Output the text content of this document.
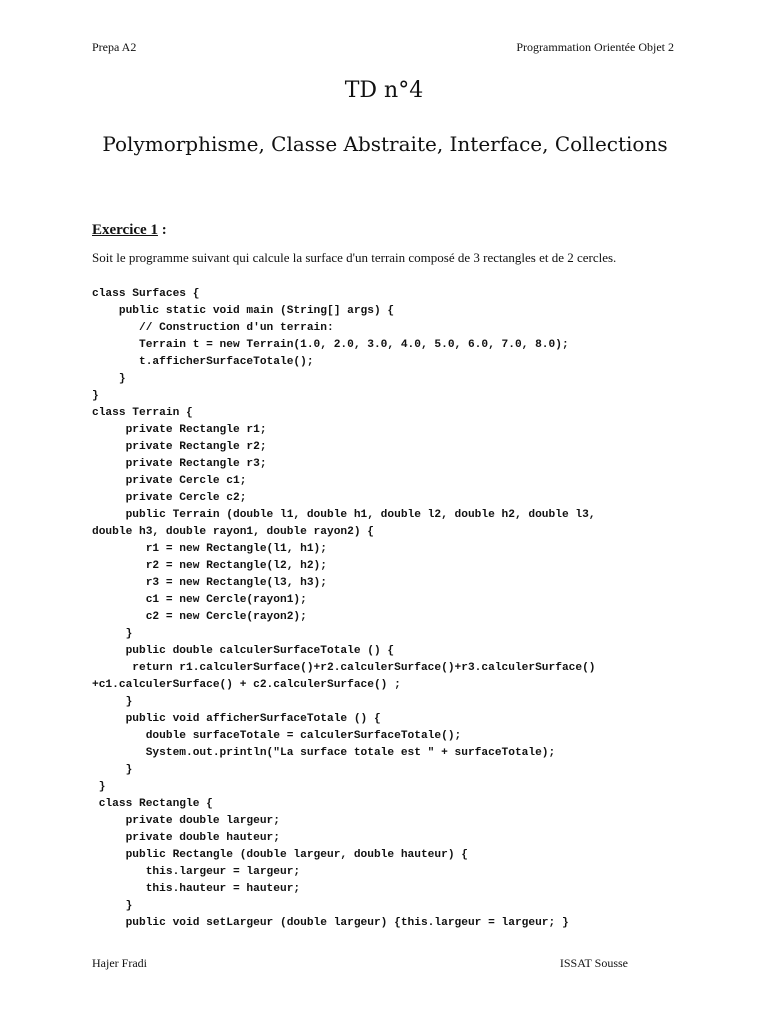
Prepa A2	Programmation Orientée Objet 2
TD n°4
Polymorphisme, Classe Abstraite, Interface, Collections
Exercice 1 :
Soit le programme suivant qui calcule la surface d'un terrain composé de 3 rectangles et de 2 cercles.
class Surfaces {
public static void main (String[] args) {
// Construction d'un terrain:
Terrain t = new Terrain(1.0, 2.0, 3.0, 4.0, 5.0, 6.0, 7.0, 8.0);
t.afficherSurfaceTotale();
}
}
class Terrain {
private Rectangle r1;
private Rectangle r2;
private Rectangle r3;
private Cercle c1;
private Cercle c2;
public Terrain (double l1, double h1, double l2, double h2, double l3,
double h3, double rayon1, double rayon2) {
r1 = new Rectangle(l1, h1);
r2 = new Rectangle(l2, h2);
r3 = new Rectangle(l3, h3);
c1 = new Cercle(rayon1);
c2 = new Cercle(rayon2);
}
public double calculerSurfaceTotale () {
return r1.calculerSurface()+r2.calculerSurface()+r3.calculerSurface()
+c1.calculerSurface() + c2.calculerSurface() ;
}
public void afficherSurfaceTotale () {
double surfaceTotale = calculerSurfaceTotale();
System.out.println("La surface totale est " + surfaceTotale);
}
}
class Rectangle {
private double largeur;
private double hauteur;
public Rectangle (double largeur, double hauteur) {
this.largeur = largeur;
this.hauteur = hauteur;
}
public void setLargeur (double largeur) {this.largeur = largeur; }
Hajer Fradi	ISSAT Sousse
